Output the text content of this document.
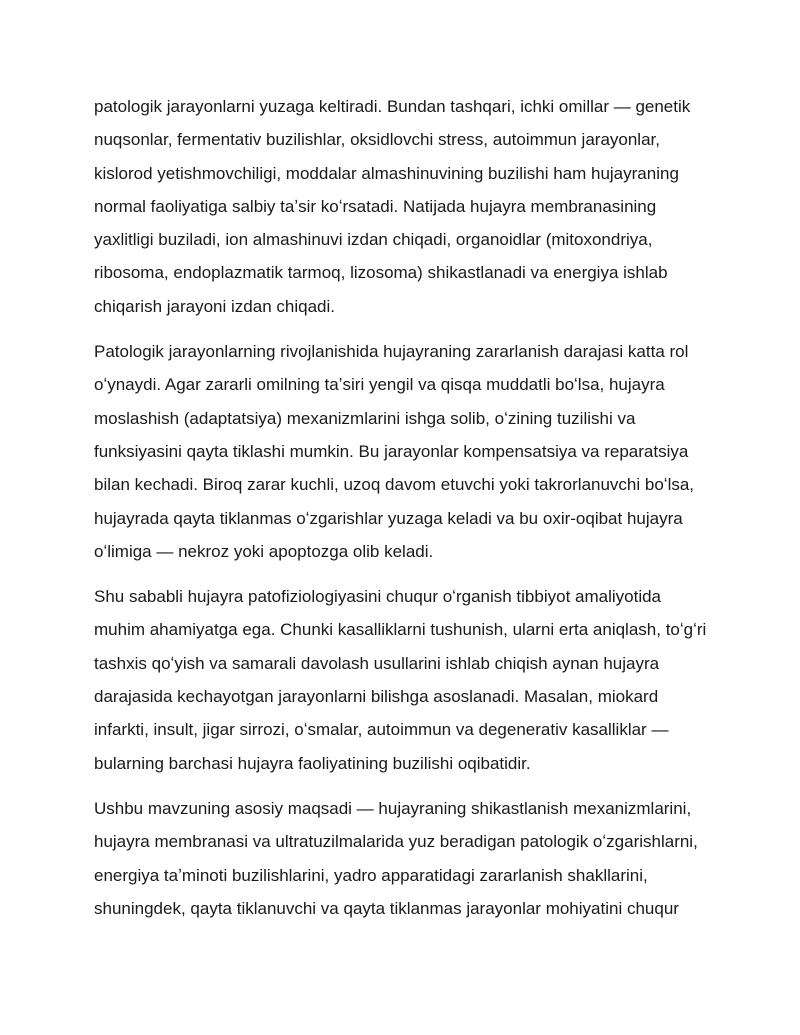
patologik jarayonlarni yuzaga keltiradi. Bundan tashqari, ichki omillar — genetik
nuqsonlar, fermentativ buzilishlar, oksidlovchi stress, autoimmun jarayonlar,
kislorod yetishmovchiligi, moddalar almashinuvining buzilishi ham hujayraning
normal faoliyatiga salbiy taʼsir koʻrsatadi. Natijada hujayra membranasining
yaxlitligi buziladi, ion almashinuvi izdan chiqadi, organoidlar (mitoxondriya,
ribosoma, endoplazmatik tarmoq, lizosoma) shikastlanadi va energiya ishlab
chiqarish jarayoni izdan chiqadi.

Patologik jarayonlarning rivojlanishida hujayraning zararlanish darajasi katta rol
oʻynaydi. Agar zararli omilning taʼsiri yengil va qisqa muddatli boʻlsa, hujayra
moslashish (adaptatsiya) mexanizmlarini ishga solib, oʻzining tuzilishi va
funksiyasini qayta tiklashi mumkin. Bu jarayonlar kompensatsiya va reparatsiya
bilan kechadi. Biroq zarar kuchli, uzoq davom etuvchi yoki takrorlanuvchi boʻlsa,
hujayrada qayta tiklanmas oʻzgarishlar yuzaga keladi va bu oxir-oqibat hujayra
oʻlimiga — nekroz yoki apoptozga olib keladi.

Shu sababli hujayra patofiziologiyasini chuqur oʻrganish tibbiyot amaliyotida
muhim ahamiyatga ega. Chunki kasalliklarni tushunish, ularni erta aniqlash, toʻgʻri
tashxis qoʻyish va samarali davolash usullarini ishlab chiqish aynan hujayra
darajasida kechayotgan jarayonlarni bilishga asoslanadi. Masalan, miokard
infarkti, insult, jigar sirrozi, oʻsmalar, autoimmun va degenerativ kasalliklar —
bularning barchasi hujayra faoliyatining buzilishi oqibatidir.

Ushbu mavzuning asosiy maqsadi — hujayraning shikastlanish mexanizmlarini,
hujayra membranasi va ultratuzilmalarida yuz beradigan patologik oʻzgarishlarni,
energiya taʼminoti buzilishlarini, yadro apparatidagi zararlanish shakllarini,
shuningdek, qayta tiklanuvchi va qayta tiklanmas jarayonlar mohiyatini chuqur
